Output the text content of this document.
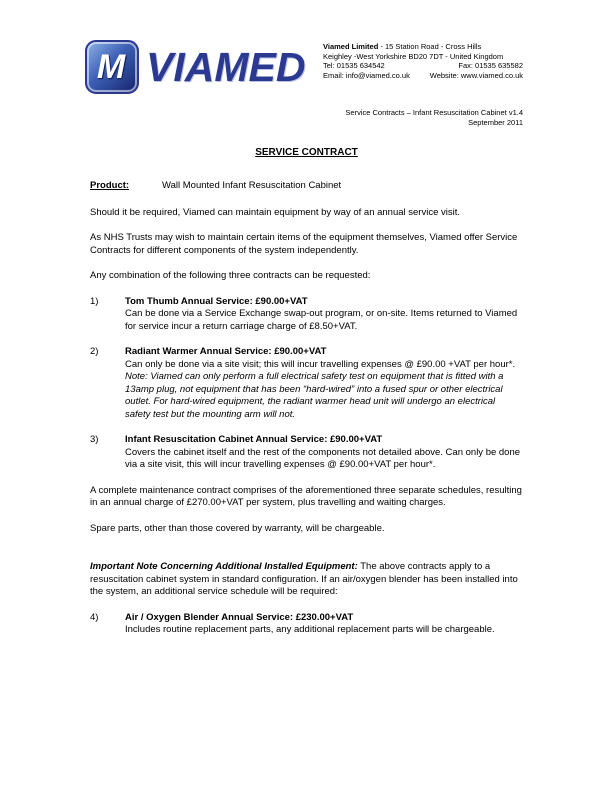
M VIAMED Viamed Limited - 15 Station Road - Cross Hills
Keighley -West Yorkshire BD20 7DT - United Kingdom
Tel: 01535 634542	Fax: 01535 635582
Email: info@viamed.co.uk	Website: www.viamed.co.uk
Service Contracts – Infant Resuscitation Cabinet v1.4
September 2011
SERVICE CONTRACT
Product:	Wall Mounted Infant Resuscitation Cabinet

Should it be required, Viamed can maintain equipment by way of an annual service visit.

As NHS Trusts may wish to maintain certain items of the equipment themselves, Viamed offer Service Contracts for different components of the system independently.

Any combination of the following three contracts can be requested:

1)	Tom Thumb Annual Service: £90.00+VAT
Can be done via a Service Exchange swap-out program, or on-site. Items returned to Viamed for service incur a return carriage charge of £8.50+VAT.
2)	Radiant Warmer Annual Service: £90.00+VAT
Can only be done via a site visit; this will incur travelling expenses @ £90.00 +VAT per hour*.
Note: Viamed can only perform a full electrical safety test on equipment that is fitted with a 13amp plug, not equipment that has been “hard-wired” into a fused spur or other electrical outlet. For hard-wired equipment, the radiant warmer head unit will undergo an electrical safety test but the mounting arm will not.
3)	Infant Resuscitation Cabinet Annual Service: £90.00+VAT
Covers the cabinet itself and the rest of the components not detailed above. Can only be done via a site visit, this will incur travelling expenses @ £90.00+VAT per hour*.

A complete maintenance contract comprises of the aforementioned three separate schedules, resulting in an annual charge of £270.00+VAT per system, plus travelling and waiting charges.

Spare parts, other than those covered by warranty, will be chargeable.

Important Note Concerning Additional Installed Equipment: The above contracts apply to a resuscitation cabinet system in standard configuration. If an air/oxygen blender has been installed into the system, an additional service schedule will be required:

4)	Air / Oxygen Blender Annual Service: £230.00+VAT
Includes routine replacement parts, any additional replacement parts will be chargeable.
